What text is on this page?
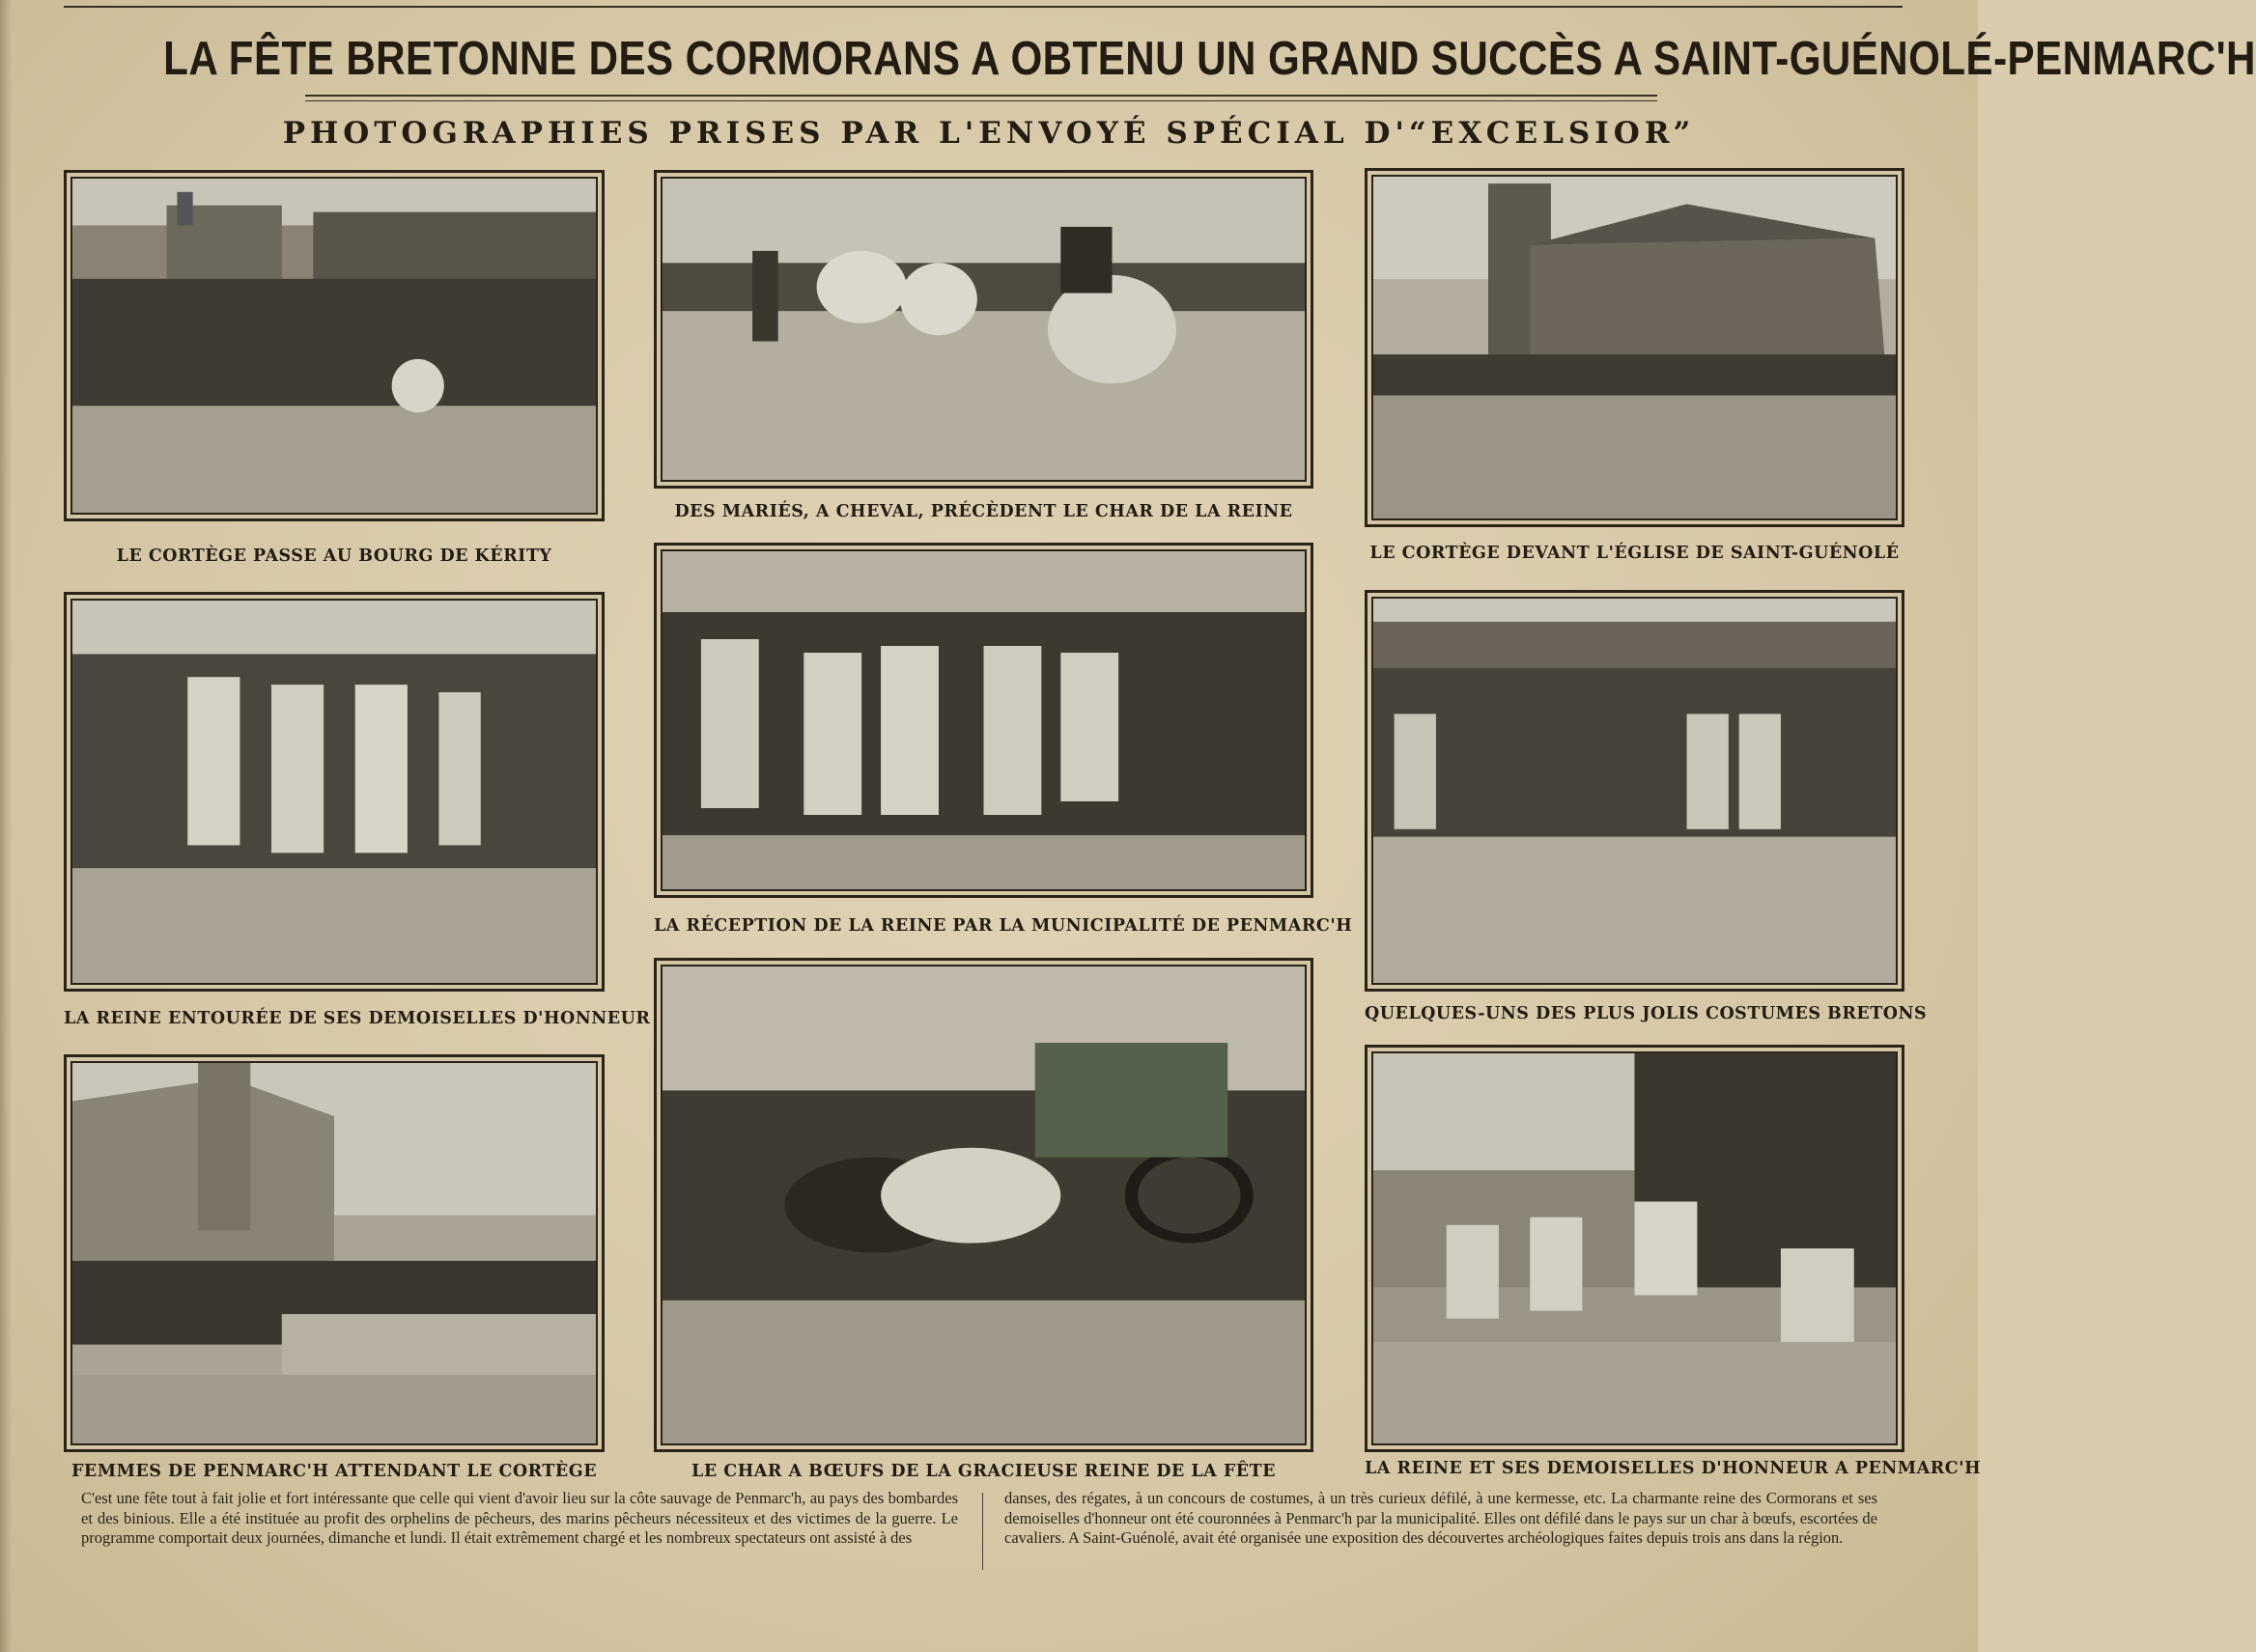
LA FÊTE BRETONNE DES CORMORANS A OBTENU UN GRAND SUCCÈS A SAINT-GUÉNOLÉ-PENMARC'H
PHOTOGRAPHIES PRISES PAR L'ENVOYÉ SPÉCIAL D'“EXCELSIOR”
LE CORTÈGE PASSE AU BOURG DE KÉRITY
DES MARIÉS, A CHEVAL, PRÉCÈDENT LE CHAR DE LA REINE
LE CORTÈGE DEVANT L'ÉGLISE DE SAINT-GUÉNOLÉ
LA REINE ENTOURÉE DE SES DEMOISELLES D'HONNEUR
LA RÉCEPTION DE LA REINE PAR LA MUNICIPALITÉ DE PENMARC'H
QUELQUES-UNS DES PLUS JOLIS COSTUMES BRETONS
FEMMES DE PENMARC'H ATTENDANT LE CORTÈGE	LE CHAR A BŒUFS DE LA GRACIEUSE REINE DE LA FÊTE	LA REINE ET SES DEMOISELLES D'HONNEUR A PENMARC'H

C'est une fête tout à fait jolie et fort intéressante que celle qui vient d'avoir lieu sur la côte sauvage de Penmarc'h, au pays des bombardes et des binious. Elle a été instituée au profit des orphelins de pêcheurs, des marins pêcheurs nécessiteux et des victimes de la guerre. Le programme comportait deux journées, dimanche et lundi. Il était extrêmement chargé et les nombreux spectateurs ont assisté à des

danses, des régates, à un concours de costumes, à un très curieux défilé, à une kermesse, etc. La charmante reine des Cormorans et ses demoiselles d'honneur ont été couronnées à Penmarc'h par la municipalité. Elles ont défilé dans le pays sur un char à bœufs, escortées de cavaliers. A Saint-Guénolé, avait été organisée une exposition des découvertes archéologiques faites depuis trois ans dans la région.
